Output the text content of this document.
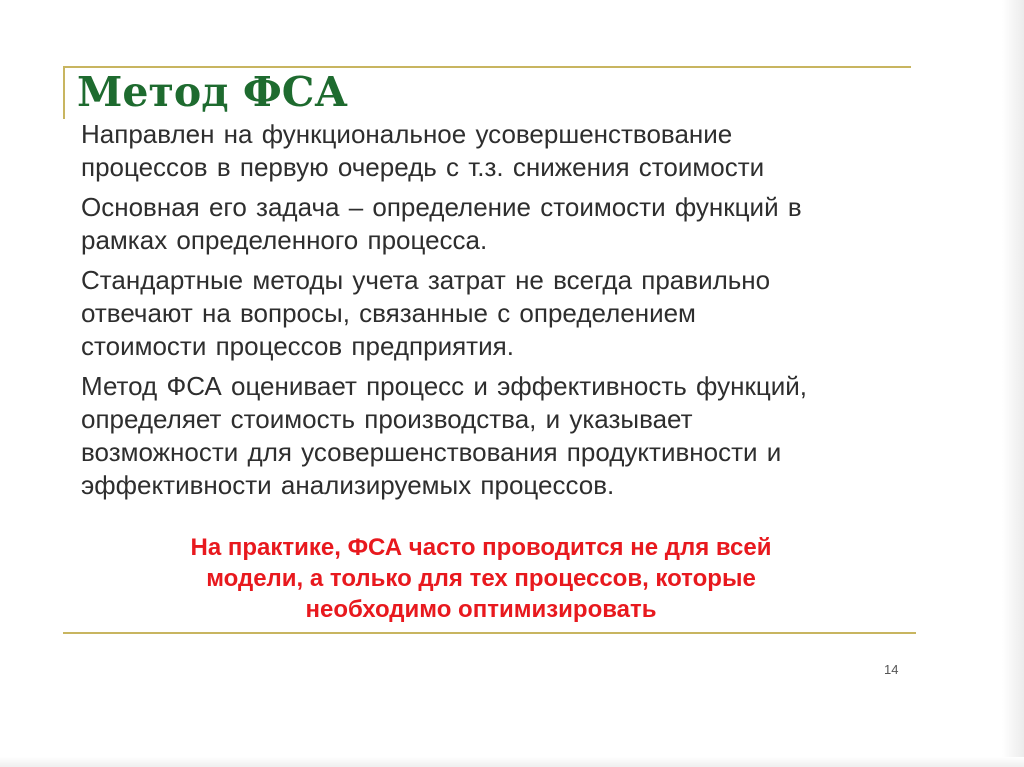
Метод ФСА
Направлен на функциональное усовершенствование
процессов в первую очередь с т.з. снижения стоимости
Основная его задача – определение стоимости функций в
рамках определенного процесса.
Стандартные методы учета затрат не всегда правильно
отвечают на вопросы, связанные с определением
стоимости процессов предприятия.
Метод ФСА оценивает процесс и эффективность функций,
определяет стоимость производства, и указывает
возможности для усовершенствования продуктивности и
эффективности анализируемых процессов.

На практике, ФСА часто проводится не для всей
модели, а только для тех процессов, которые
необходимо оптимизировать

14
